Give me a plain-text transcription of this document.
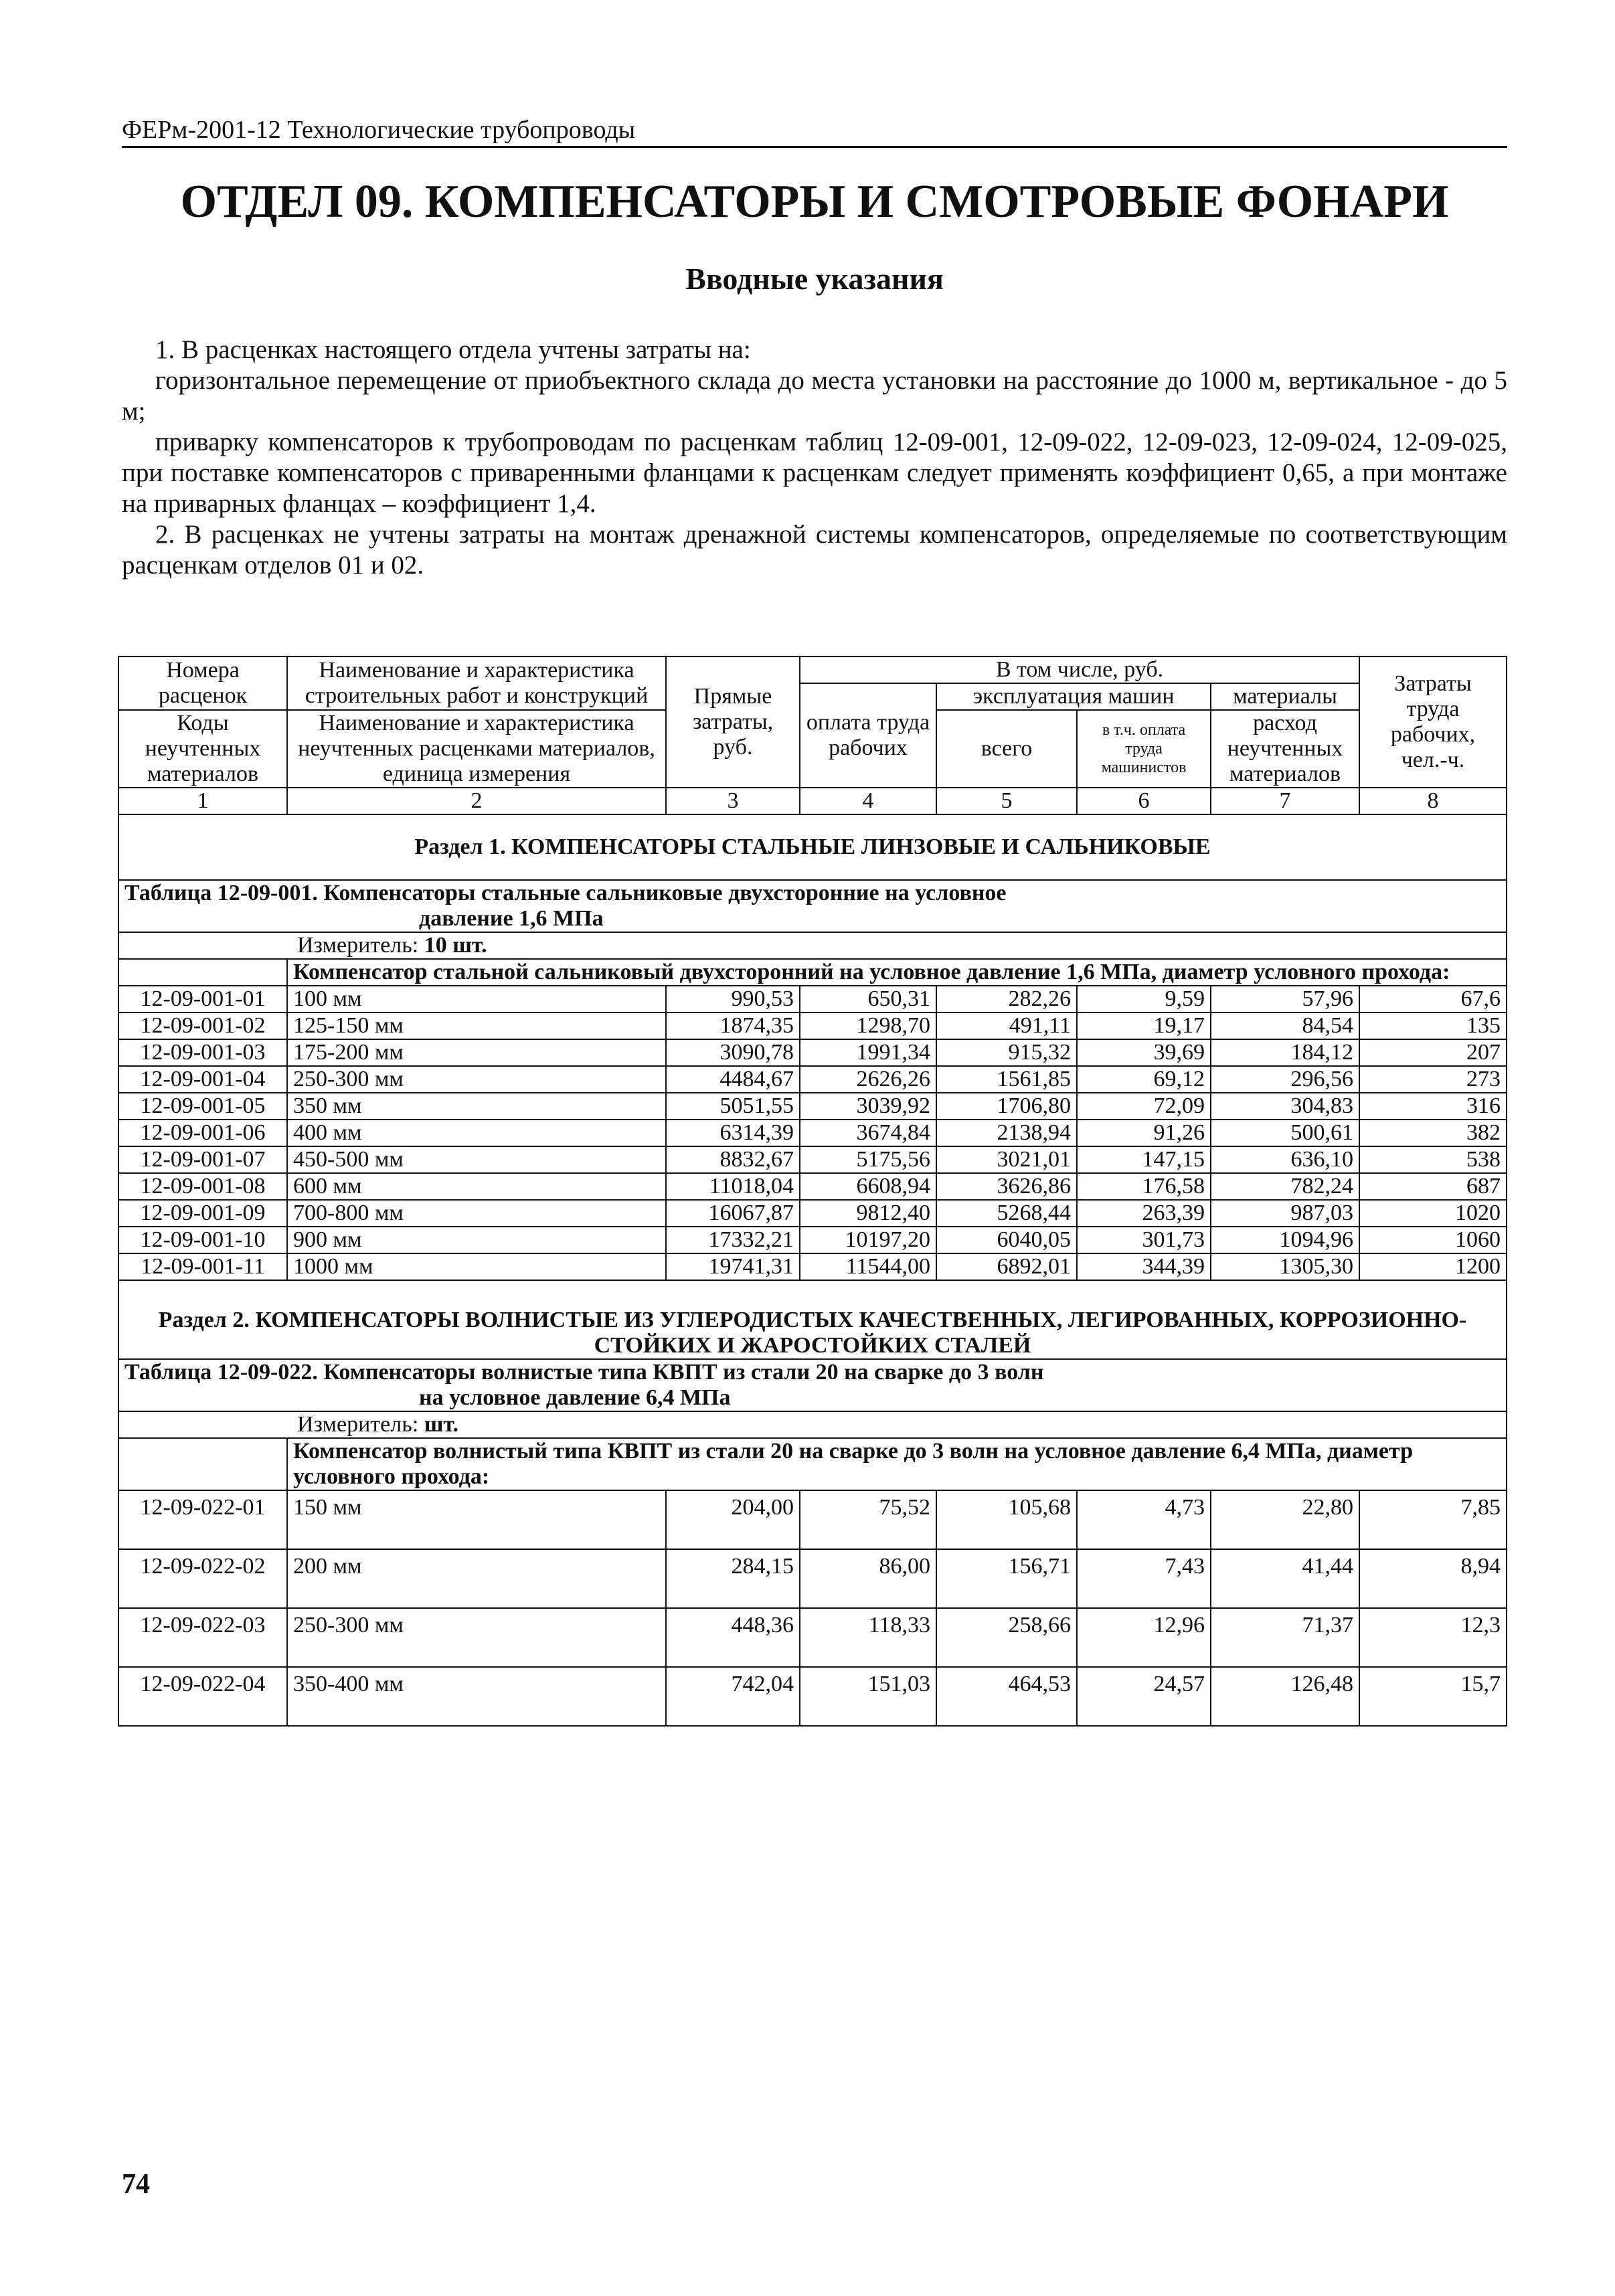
ФЕРм-2001-12 Технологические трубопроводы
ОТДЕЛ 09. КОМПЕНСАТОРЫ И СМОТРОВЫЕ ФОНАРИ
Вводные указания

1. В расценках настоящего отдела учтены затраты на:

горизонтальное перемещение от приобъектного склада до места установки на расстояние до 1000 м, вертикальное - до 5 м;

приварку компенсаторов к трубопроводам по расценкам таблиц 12-09-001, 12-09-022, 12-09-023, 12-09-024, 12-09-025, при поставке компенсаторов с приваренными фланцами к расценкам следует применять коэффициент 0,65, а при монтаже на приварных фланцах – коэффициент 1,4.

2. В расценках не учтены затраты на монтаж дренажной системы компенсаторов, определяемые по соответствующим расценкам отделов 01 и 02.

Номера расценок	Наименование и характеристика строительных работ и конструкций	Прямые затраты, руб.	В том числе, руб.				Затраты труда рабочих, чел.-ч.
			оплата труда рабочих	эксплуатация машин		материалы	
Коды неучтенных материалов	Наименование и характеристика неучтенных расценками материалов, единица измерения			всего	в т.ч. оплата труда машинистов	расход неучтенных материалов	

1	2	3	4	5	6	7	8
Раздел 1. КОМПЕНСАТОРЫ СТАЛЬНЫЕ ЛИНЗОВЫЕ И САЛЬНИКОВЫЕ							
Таблица 12-09-001. Компенсаторы стальные сальниковые двухсторонние на условное
давление 1,6 МПа							

Измеритель: 10 шт.							

	Компенсатор стальной сальниковый двухсторонний на условное давление 1,6 МПа, диаметр условного прохода:						
12-09-001-01	100 мм	990,53	650,31	282,26	9,59	57,96	67,6
12-09-001-02	125-150 мм	1874,35	1298,70	491,11	19,17	84,54	135
12-09-001-03	175-200 мм	3090,78	1991,34	915,32	39,69	184,12	207
12-09-001-04	250-300 мм	4484,67	2626,26	1561,85	69,12	296,56	273
12-09-001-05	350 мм	5051,55	3039,92	1706,80	72,09	304,83	316
12-09-001-06	400 мм	6314,39	3674,84	2138,94	91,26	500,61	382
12-09-001-07	450-500 мм	8832,67	5175,56	3021,01	147,15	636,10	538
12-09-001-08	600 мм	11018,04	6608,94	3626,86	176,58	782,24	687
12-09-001-09	700-800 мм	16067,87	9812,40	5268,44	263,39	987,03	1020
12-09-001-10	900 мм	17332,21	10197,20	6040,05	301,73	1094,96	1060
12-09-001-11	1000 мм	19741,31	11544,00	6892,01	344,39	1305,30	1200
Раздел 2. КОМПЕНСАТОРЫ ВОЛНИСТЫЕ ИЗ УГЛЕРОДИСТЫХ КАЧЕСТВЕННЫХ, ЛЕГИРОВАННЫХ, КОРРОЗИОННО-СТОЙКИХ И ЖАРОСТОЙКИХ СТАЛЕЙ							
Таблица 12-09-022. Компенсаторы волнистые типа КВПТ из стали 20 на сварке до 3 волн
на условное давление 6,4 МПа							

Измеритель: шт.							

	Компенсатор волнистый типа КВПТ из стали 20 на сварке до 3 волн на условное давление 6,4 МПа, диаметр условного прохода:						
12-09-022-01	150 мм	204,00	75,52	105,68	4,73	22,80	7,85
12-09-022-02	200 мм	284,15	86,00	156,71	7,43	41,44	8,94
12-09-022-03	250-300 мм	448,36	118,33	258,66	12,96	71,37	12,3
12-09-022-04	350-400 мм	742,04	151,03	464,53	24,57	126,48	15,7
74
